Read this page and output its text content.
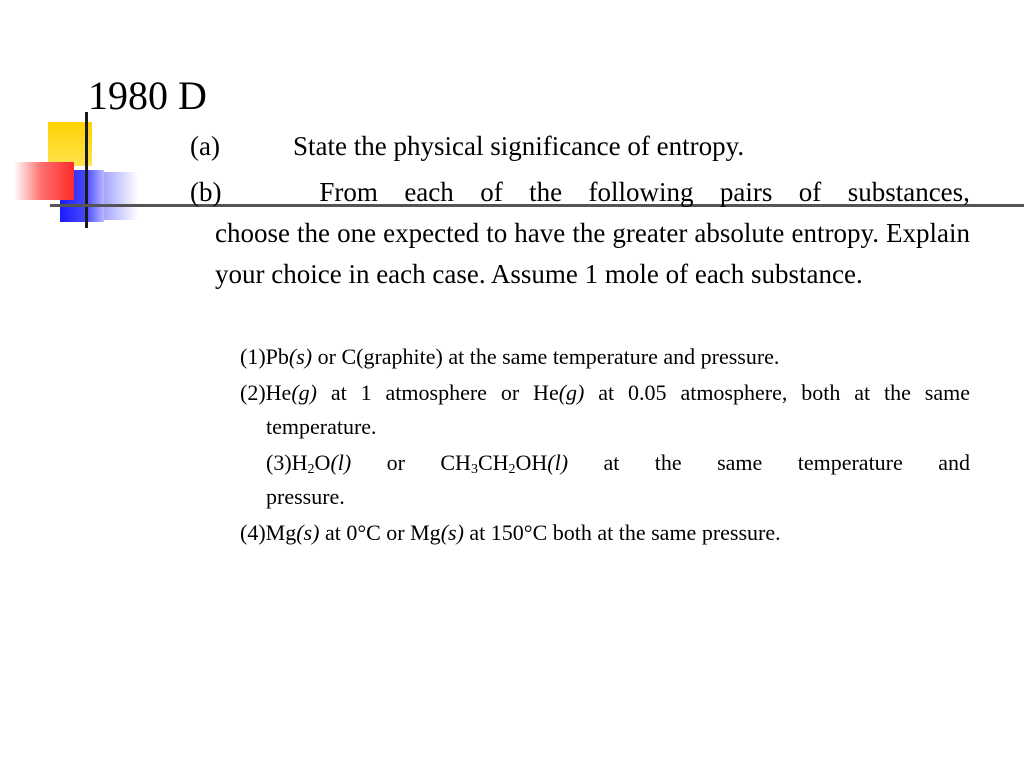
1980 D

(a)	State the physical significance of entropy.

(b)	From each of the following pairs of substances,
choose the one expected to have the greater absolute entropy. Explain your choice in each case. Assume 1 mole of each substance.
(1)Pb(s) or C(graphite) at the same temperature and pressure.
(2)He(g) at 1 atmosphere or He(g) at 0.05 atmosphere, both at the same temperature.
$(3)H_2O(l)$ or $CH_3CH_2OH(l)$ at the same temperature and
pressure.
(4)Mg(s) at 0°C or Mg(s) at 150°C both at the same pressure.
